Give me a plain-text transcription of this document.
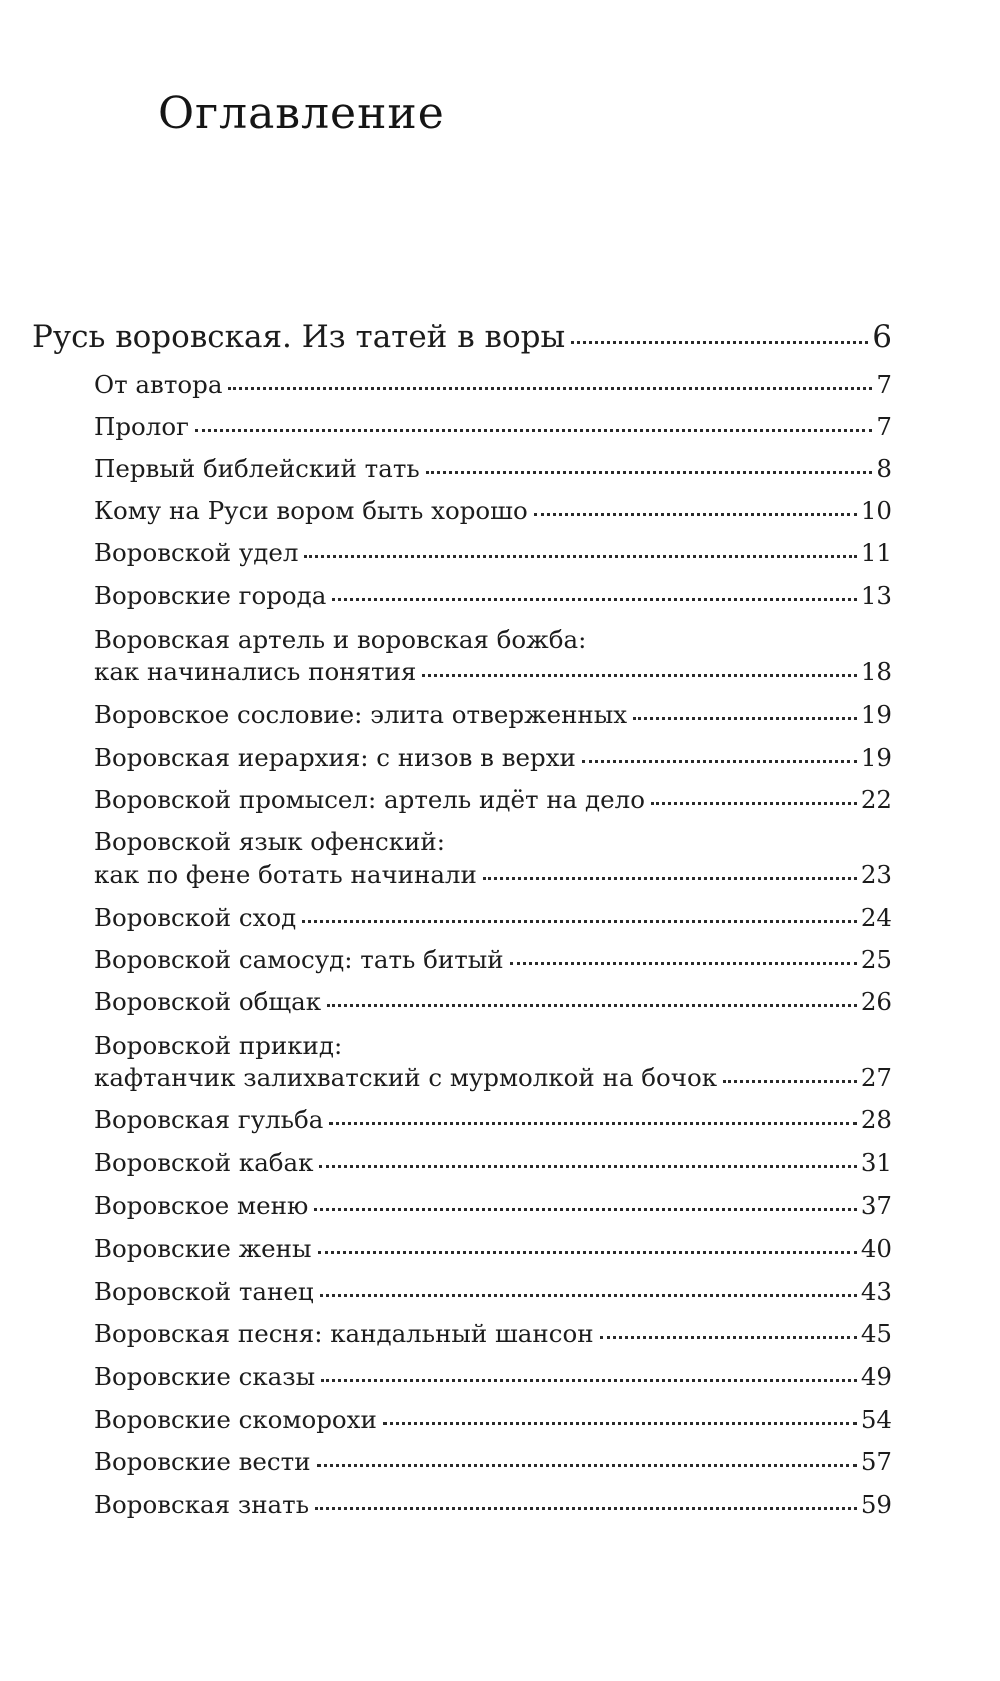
Оглавление
Русь воровская. Из татей в воры	6
От автора	7
Пролог	7
Первый библейский тать	8
Кому на Руси вором быть хорошо	10
Воровской удел	11
Воровские города	13
Воровская артель и воровская божба:
как начинались понятия	18
Воровское сословие: элита отверженных	19
Воровская иерархия: с низов в верхи	19
Воровской промысел: артель идёт на дело	22
Воровской язык офенский:
как по фене ботать начинали	23
Воровской сход	24
Воровской самосуд: тать битый	25
Воровской общак	26
Воровской прикид:
кафтанчик залихватский с мурмолкой на бочок	27
Воровская гульба	28
Воровской кабак	31
Воровское меню	37
Воровские жены	40
Воровской танец	43
Воровская песня: кандальный шансон	45
Воровские сказы	49
Воровские скоморохи	54
Воровские вести	57
Воровская знать	59
